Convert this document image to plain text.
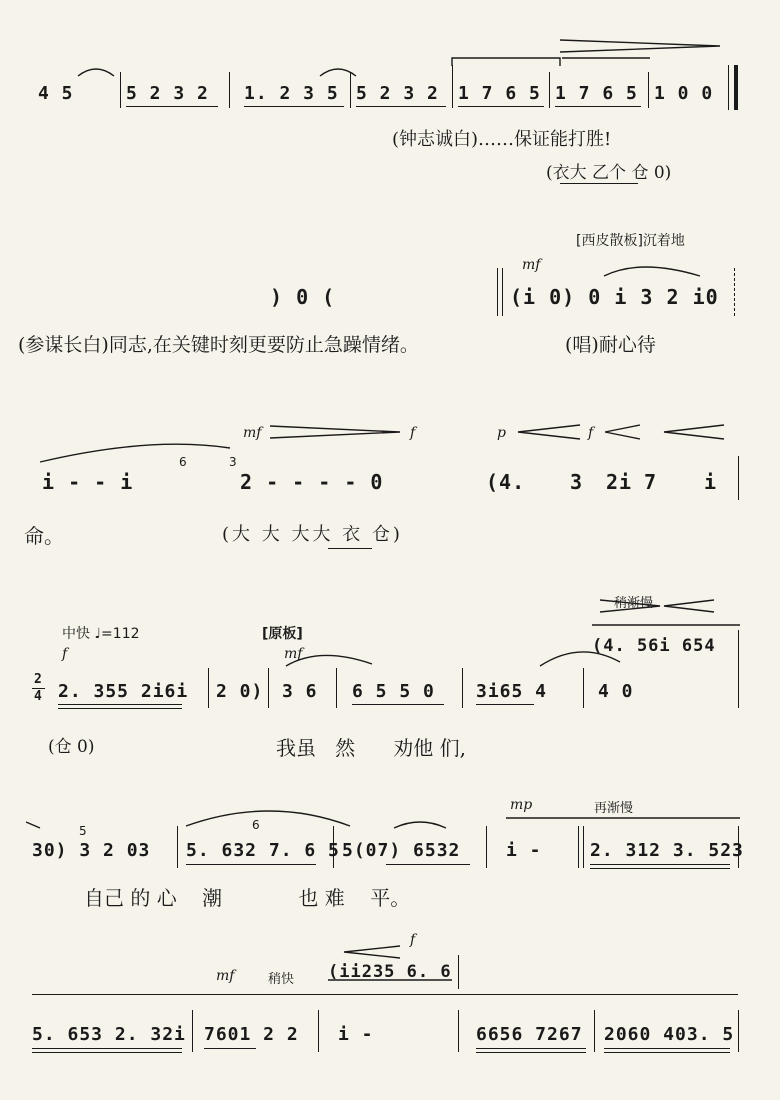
4 5	5 2 3 2 1. 2 3 5 5 2 3 2 1 7 6 5 1 7 6 5 1 0 0
(钟志诚白)……保证能打胜!
(衣大 乙个 仓 0)
[西皮散板]沉着地
mf
) 0 (	(i 0) 0 i 3 2 i0
(参谋长白)同志,在关键时刻更要防止急躁情绪。	(唱)耐心待
mf	f	p	f
i - - i
6	3
2 - - - - 0	(4. 3 2i 7 i
命。	(大 大 大大 衣 仓)
中快 ♩=112	[原板]
稍渐慢
(4. 56i 654
f	mf
2
4 2. 355 2i6i 2 0) 3 6 6 5 5 0 3i65 4	4 0
(仓 0)	我虽   然      劝他 们,
mp	再渐慢
5	6
30) 3 2 03 5. 632 7. 6 5 5(07) 6532	i -	2. 312 3. 523
自己 的 心    潮            也 难    平。
f
mf	稍快 (ii235 6. 6
5. 653 2. 32i 7601 2 2 i -	6656 7267 2060 403. 5
